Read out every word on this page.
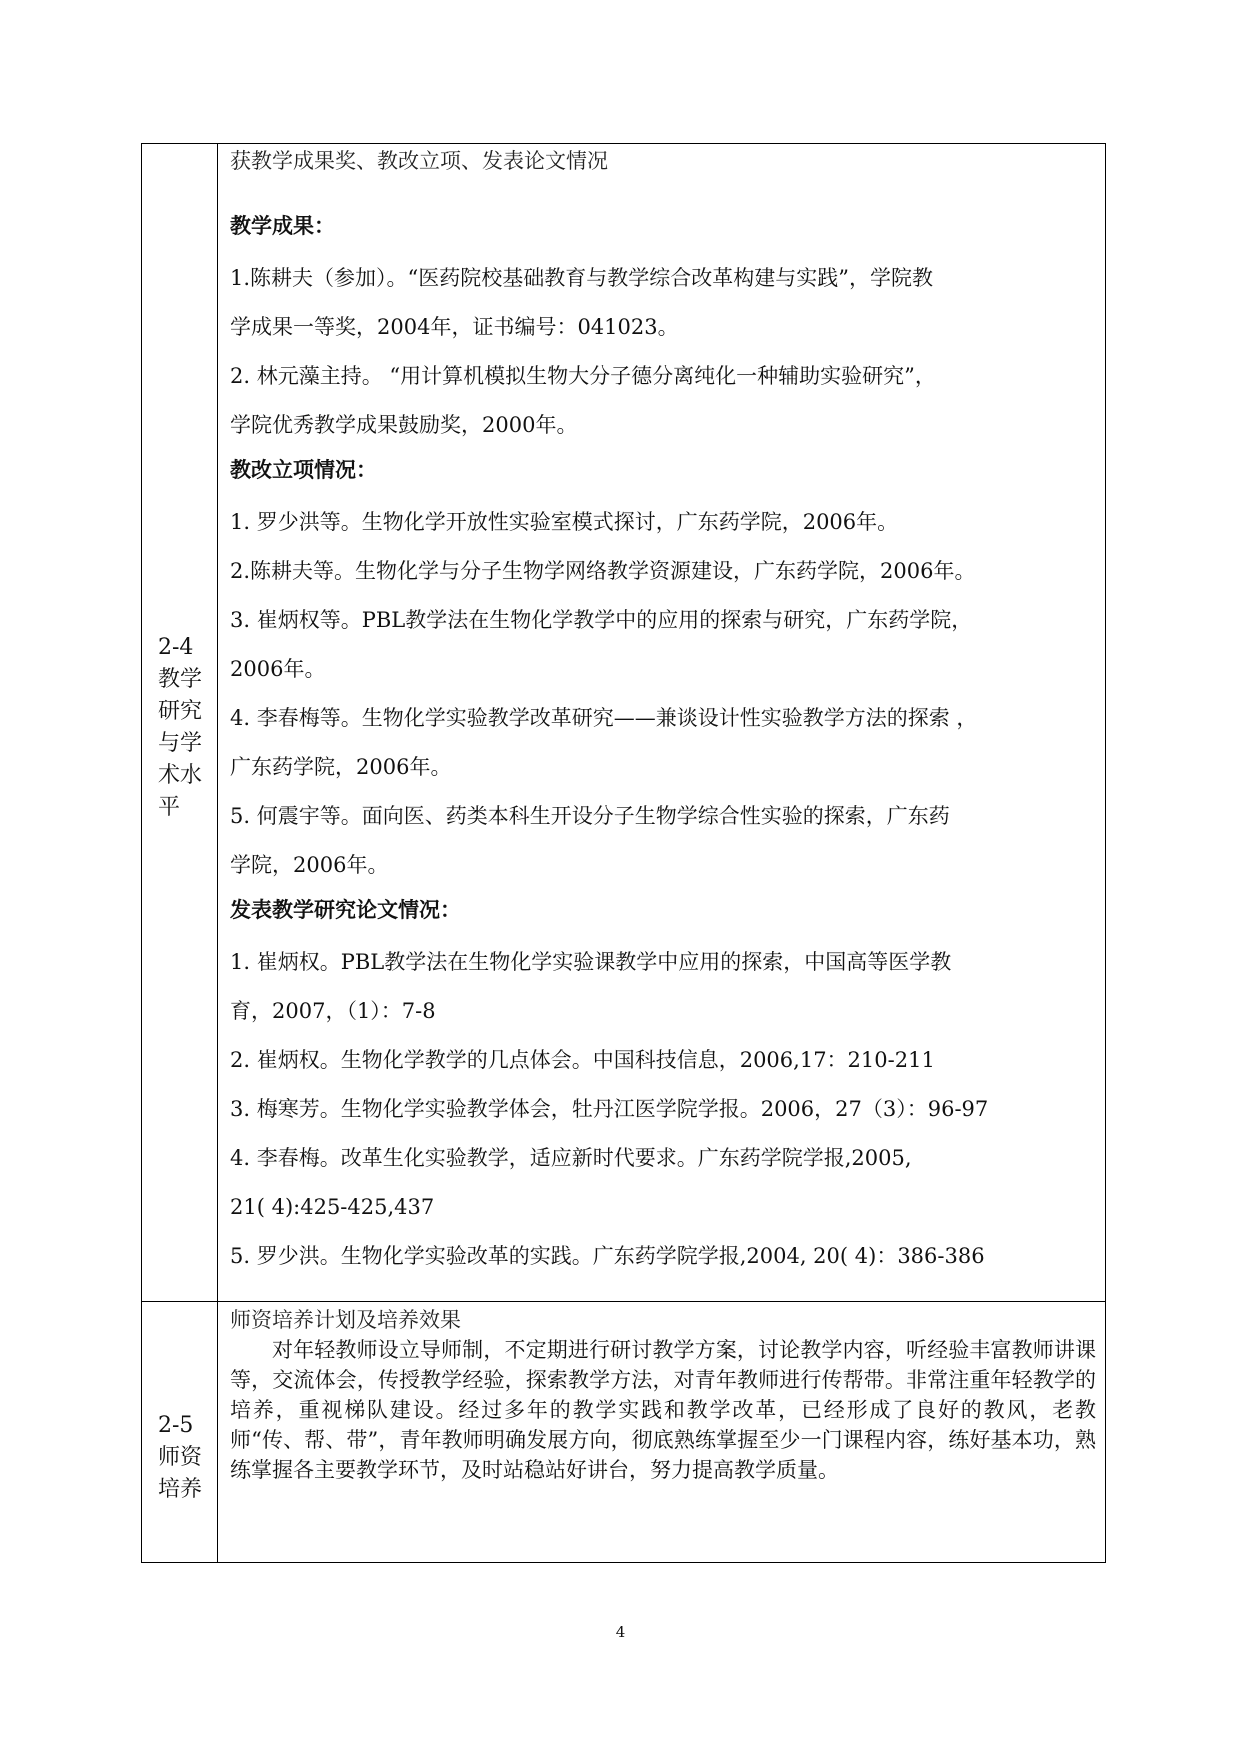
2-4
教学
研究
与学
术水
平
获教学成果奖、教改立项、发表论文情况
教学成果：
1.陈耕夫（参加）。“医药院校基础教育与教学综合改革构建与实践”，学院教
学成果一等奖，2004年，证书编号：041023。
2. 林元藻主持。 “用计算机模拟生物大分子德分离纯化一种辅助实验研究”，
学院优秀教学成果鼓励奖，2000年。
教改立项情况：
1. 罗少洪等。生物化学开放性实验室模式探讨，广东药学院，2006年。
2.陈耕夫等。生物化学与分子生物学网络教学资源建设，广东药学院，2006年。
3. 崔炳权等。PBL教学法在生物化学教学中的应用的探索与研究，广东药学院，
2006年。
4. 李春梅等。生物化学实验教学改革研究——兼谈设计性实验教学方法的探索 ，
广东药学院，2006年。
5. 何震宇等。面向医、药类本科生开设分子生物学综合性实验的探索，广东药
学院，2006年。
发表教学研究论文情况：
1. 崔炳权。PBL教学法在生物化学实验课教学中应用的探索，中国高等医学教
育，2007，（1）：7-8
2. 崔炳权。生物化学教学的几点体会。中国科技信息，2006,17：210-211
3. 梅寒芳。生物化学实验教学体会，牡丹江医学院学报。2006，27（3）：96-97
4. 李春梅。改革生化实验教学，适应新时代要求。广东药学院学报,2005,
21( 4):425-425,437
5. 罗少洪。生物化学实验改革的实践。广东药学院学报,2004, 20( 4)：386-386
2-5
师资
培养
师资培养计划及培养效果

对年轻教师设立导师制，不定期进行研讨教学方案，讨论教学内容，听经验丰富教师讲课等，交流体会，传授教学经验，探索教学方法，对青年教师进行传帮带。非常注重年轻教学的培养，重视梯队建设。经过多年的教学实践和教学改革，已经形成了良好的教风，老教师“传、帮、带”，青年教师明确发展方向，彻底熟练掌握至少一门课程内容，练好基本功，熟练掌握各主要教学环节，及时站稳站好讲台，努力提高教学质量。

4
